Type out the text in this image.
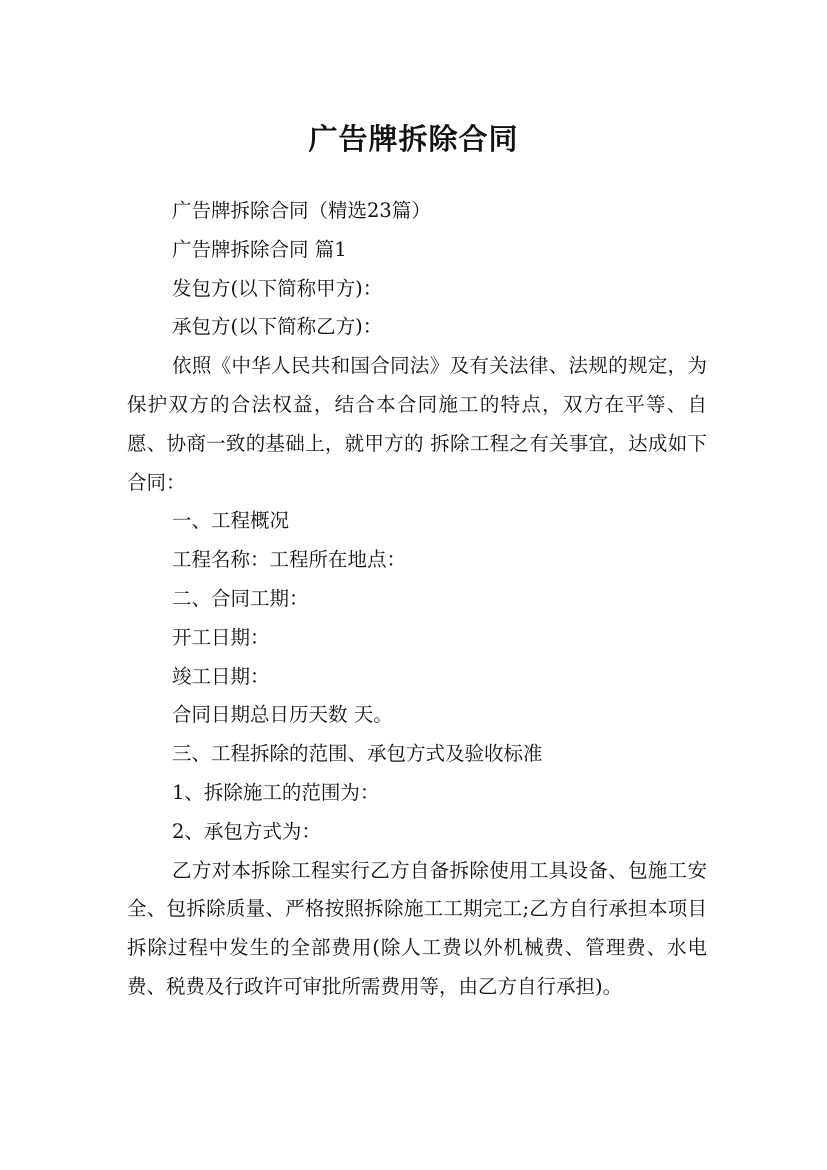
广告牌拆除合同

广告牌拆除合同（精选23篇）

广告牌拆除合同 篇1

发包方(以下简称甲方)：

承包方(以下简称乙方)：

依照《中华人民共和国合同法》及有关法律、法规的规定，为保护双方的合法权益，结合本合同施工的特点，双方在平等、自愿、协商一致的基础上，就甲方的 拆除工程之有关事宜，达成如下合同：

一、工程概况

工程名称：工程所在地点：

二、合同工期：

开工日期：

竣工日期：

合同日期总日历天数 天。

三、工程拆除的范围、承包方式及验收标准

1、拆除施工的范围为：

2、承包方式为：

乙方对本拆除工程实行乙方自备拆除使用工具设备、包施工安全、包拆除质量、严格按照拆除施工工期完工;乙方自行承担本项目拆除过程中发生的全部费用(除人工费以外机械费、管理费、水电费、税费及行政许可审批所需费用等，由乙方自行承担)。
